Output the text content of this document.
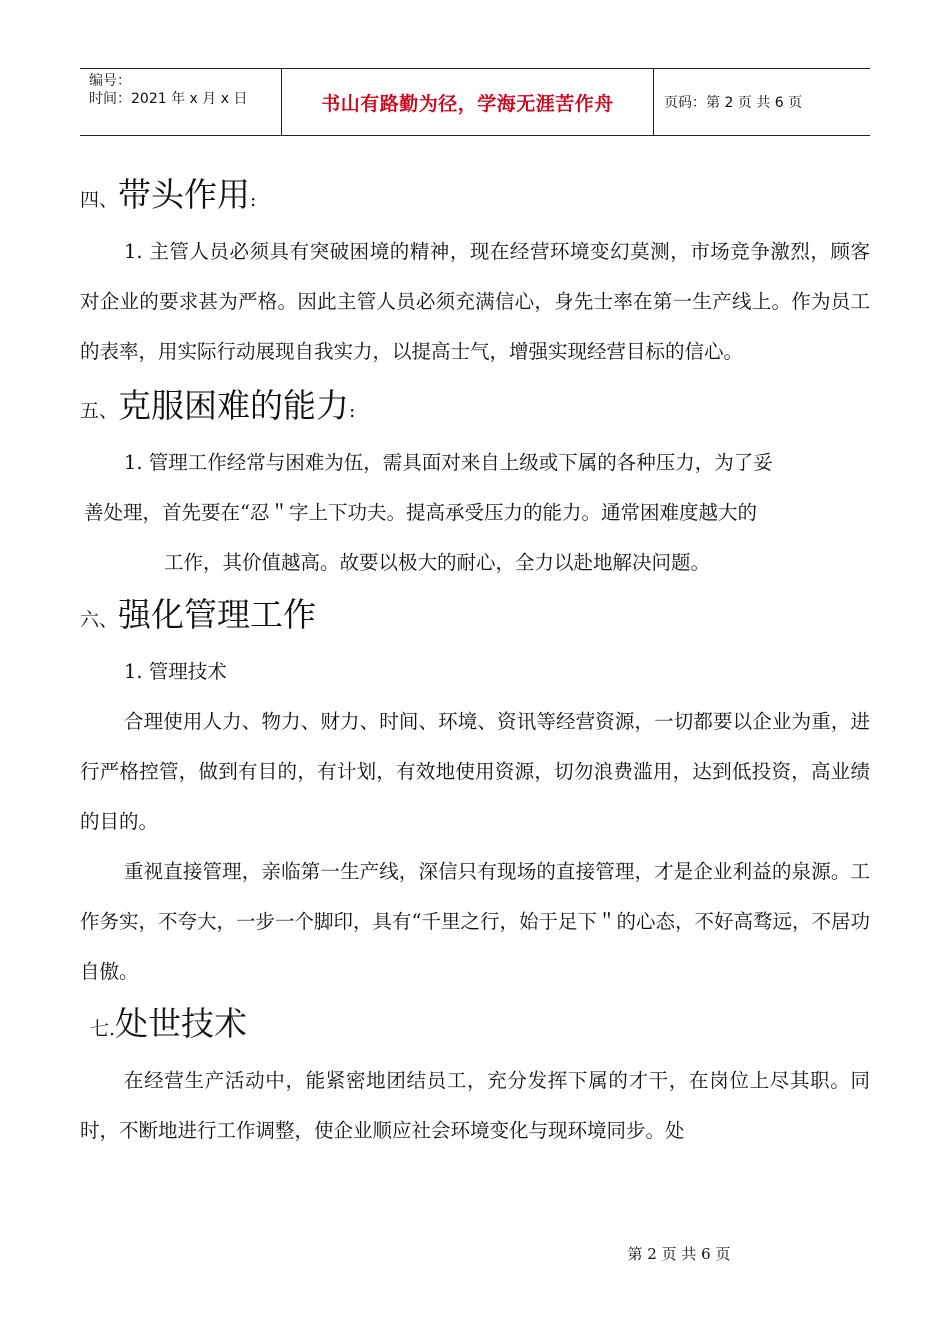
编号：
时间：2021 年 x 月 x 日	书山有路勤为径，学海无涯苦作舟	页码：第 2 页 共 6 页
四、带头作用:

1. 主管人员必须具有突破困境的精神，现在经营环境变幻莫测，市场竞争激烈，顾客对企业的要求甚为严格。因此主管人员必须充满信心，身先士率在第一生产线上。作为员工的表率，用实际行动展现自我实力，以提高士气，增强实现经营目标的信心。

五、克服困难的能力:
1. 管理工作经常与困难为伍，需具面对来自上级或下属的各种压力，为了妥
善处理，首先要在“忍＂字上下功夫。提高承受压力的能力。通常困难度越大的
工作，其价值越高。故要以极大的耐心，全力以赴地解决问题。
六、强化管理工作
1. 管理技术

合理使用人力、物力、财力、时间、环境、资讯等经营资源，一切都要以企业为重，进行严格控管，做到有目的，有计划，有效地使用资源，切勿浪费滥用，达到低投资，高业绩的目的。

重视直接管理，亲临第一生产线，深信只有现场的直接管理，才是企业利益的泉源。工作务实，不夸大，一步一个脚印，具有“千里之行，始于足下＂的心态，不好高骛远，不居功自傲。

七.处世技术

在经营生产活动中，能紧密地团结员工，充分发挥下属的才干，在岗位上尽其职。同时，不断地进行工作调整，使企业顺应社会环境变化与现环境同步。处

第 2 页 共 6 页
